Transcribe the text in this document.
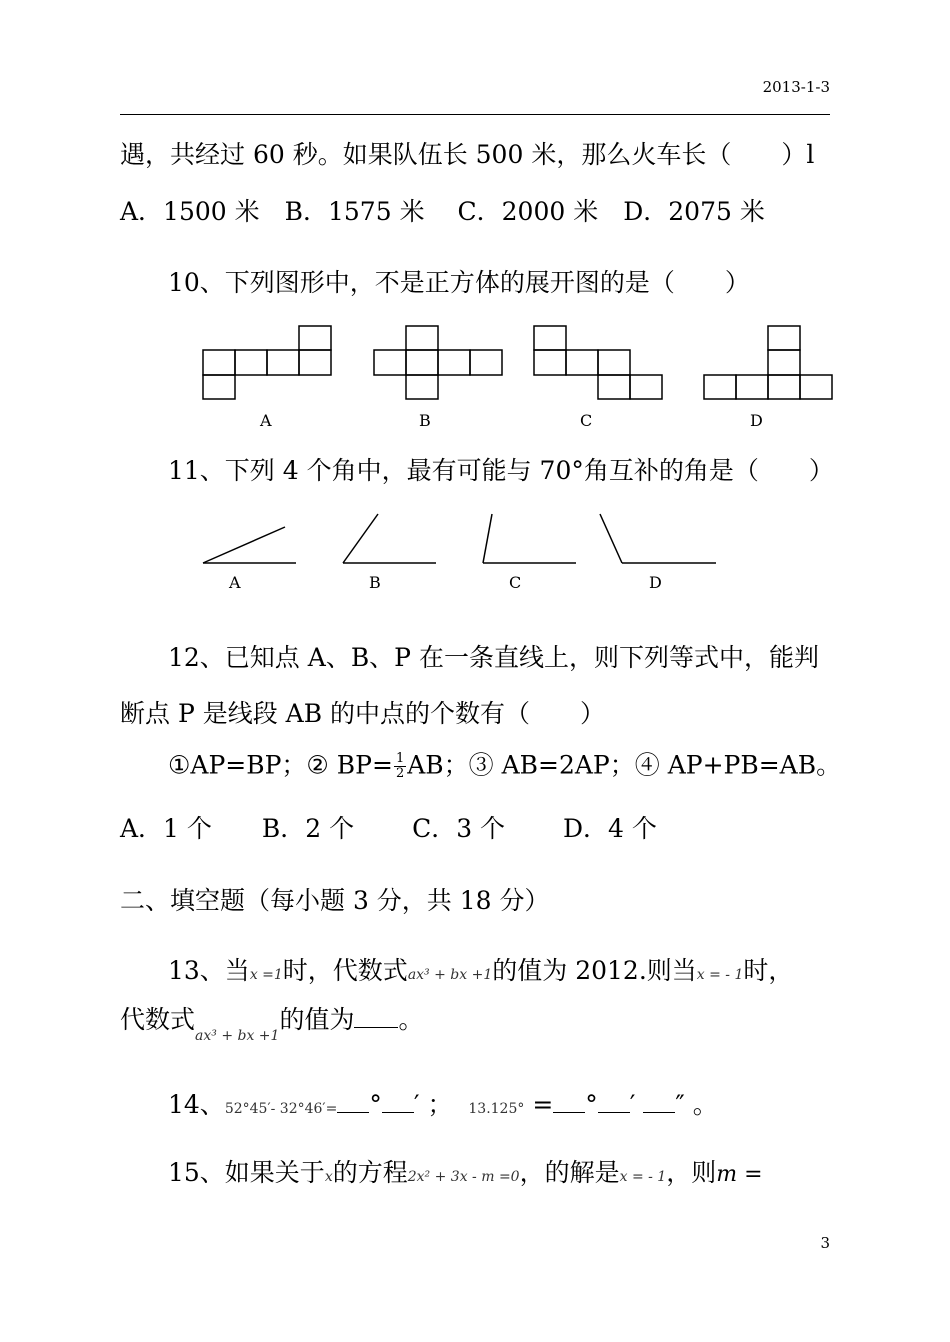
2013-1-3
遇，共经过 60 秒。如果队伍长 500 米，那么火车长（　　）l
A．1500 米　B．1575 米　 C．2000 米　D．2075 米
10、下列图形中，不是正方体的展开图的是（　　）
A	B	C	D
11、下列 4 个角中，最有可能与 70°角互补的角是（　　）
A	B	C	D
12、已知点 A、B、P 在一条直线上，则下列等式中，能判
断点 P 是线段 AB 的中点的个数有（　　）
①AP=BP；② $BP= \frac{1}{2}$ AB；③ AB=2AP；④ AP+PB=AB。
A．1 个　　B．2 个　　 C．3 个　　 D．4 个
二、填空题（每小题 3 分，共 18 分）
13、当x =1时，代数式ax³ + bx +1的值为 2012.则当x = - 1时，
代数式$_{ax^3 + bx +1}$的值为 。
14、52°45′- 32°46′= ° ′ ； 13.125° = ° ′ ″ 。
15、如果关于x的方程2x² + 3x - m =0，的解是x = - 1，则m =
3
